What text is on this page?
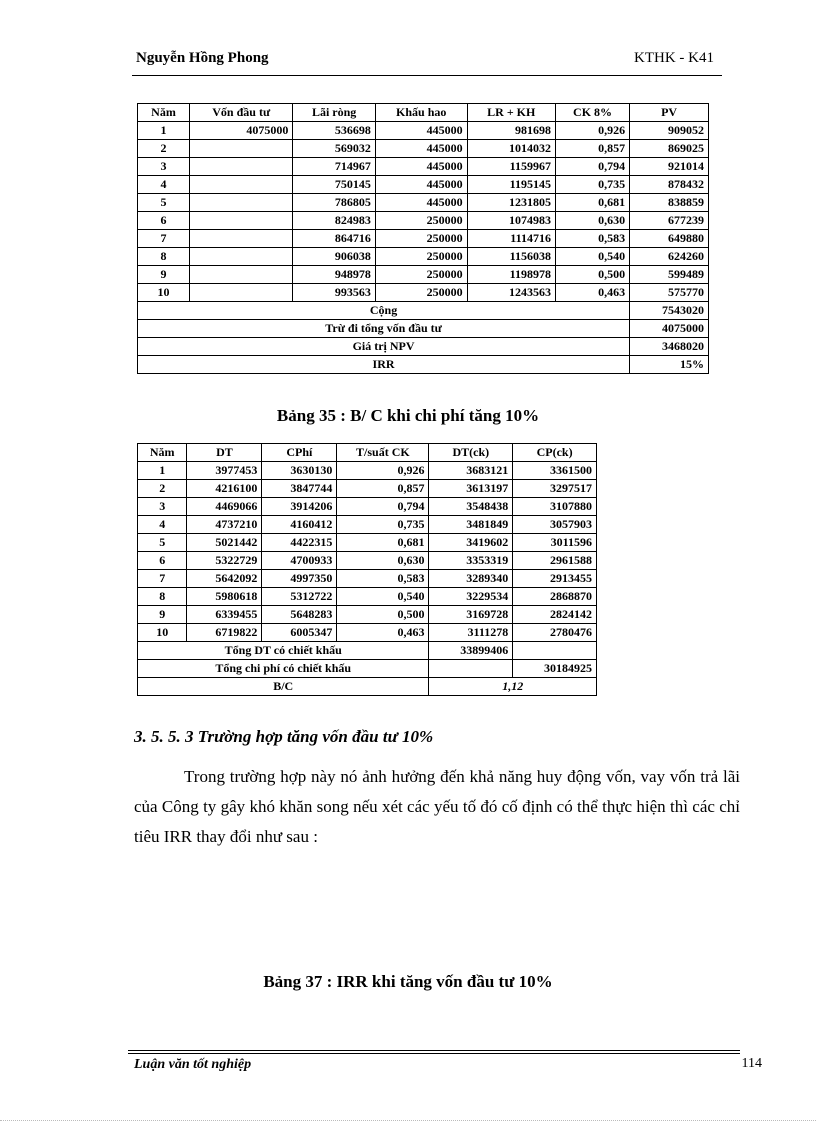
Nguyễn Hồng Phong	KTHK - K41
Năm	Vốn đầu tư	Lãi ròng	Khấu hao	LR + KH	CK 8%	PV
1	4075000	536698	445000	981698	0,926	909052
2		569032	445000	1014032	0,857	869025
3		714967	445000	1159967	0,794	921014
4		750145	445000	1195145	0,735	878432
5		786805	445000	1231805	0,681	838859
6		824983	250000	1074983	0,630	677239
7		864716	250000	1114716	0,583	649880
8		906038	250000	1156038	0,540	624260
9		948978	250000	1198978	0,500	599489
10		993563	250000	1243563	0,463	575770
Cộng						7543020
Trừ đi tổng vốn đầu tư						4075000
Giá trị NPV						3468020
IRR						15%
Bảng 35 : B/ C khi chi phí tăng 10%
Năm	DT	CPhí	T/suất CK	DT(ck)	CP(ck)
1	3977453	3630130	0,926	3683121	3361500
2	4216100	3847744	0,857	3613197	3297517
3	4469066	3914206	0,794	3548438	3107880
4	4737210	4160412	0,735	3481849	3057903
5	5021442	4422315	0,681	3419602	3011596
6	5322729	4700933	0,630	3353319	2961588
7	5642092	4997350	0,583	3289340	2913455
8	5980618	5312722	0,540	3229534	2868870
9	6339455	5648283	0,500	3169728	2824142
10	6719822	6005347	0,463	3111278	2780476
Tổng DT có chiết khấu				33899406	
Tổng chi phí có chiết khấu					30184925
B/C				1,12	
3. 5. 5. 3 Trường hợp tăng vốn đầu tư 10%
Trong trường hợp này nó ảnh hưởng đến khả năng huy động vốn, vay vốn trả lãi của Công ty gây khó khăn song nếu xét các yếu tố đó cố định có thể thực hiện thì các chỉ tiêu IRR thay đổi như sau :
Bảng 37 : IRR khi tăng vốn đầu tư 10%
Luận văn tốt nghiệp	114
